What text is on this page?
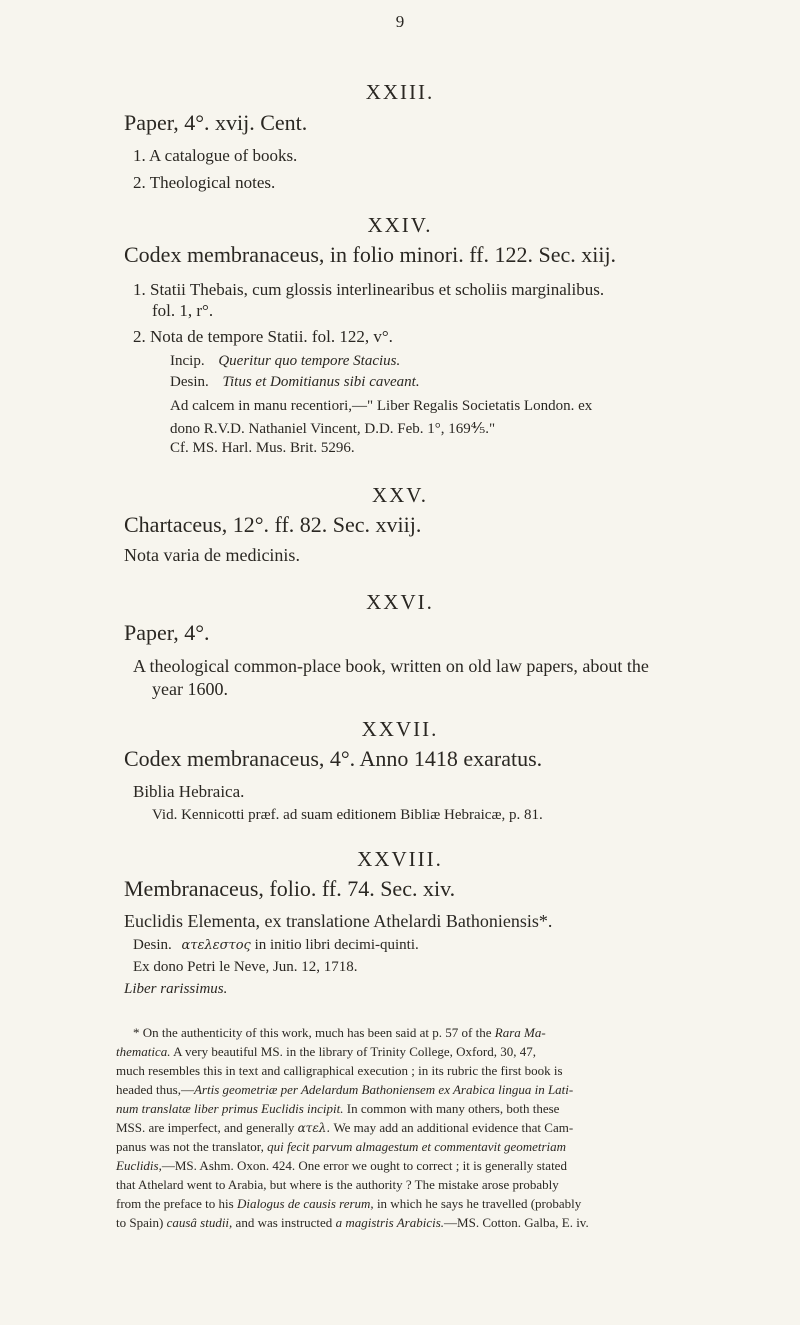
9
XXIII.
Paper, 4°. xvij. Cent.
1. A catalogue of books.
2. Theological notes.
XXIV.
Codex membranaceus, in folio minori. ff. 122. Sec. xiij.
1. Statii Thebais, cum glossis interlinearibus et scholiis marginalibus.
fol. 1, r°.
2. Nota de tempore Statii. fol. 122, v°.
Incip. Queritur quo tempore Stacius.
Desin. Titus et Domitianus sibi caveant.
Ad calcem in manu recentiori,—" Liber Regalis Societatis London. ex
dono R.V.D. Nathaniel Vincent, D.D. Feb. 1°, 169⅘."
Cf. MS. Harl. Mus. Brit. 5296.
XXV.
Chartaceus, 12°. ff. 82. Sec. xviij.
Nota varia de medicinis.
XXVI.
Paper, 4°.
A theological common-place book, written on old law papers, about the
year 1600.
XXVII.
Codex membranaceus, 4°. Anno 1418 exaratus.
Biblia Hebraica.
Vid. Kennicotti præf. ad suam editionem Bibliæ Hebraicæ, p. 81.
XXVIII.
Membranaceus, folio. ff. 74. Sec. xiv.
Euclidis Elementa, ex translatione Athelardi Bathoniensis*.
Desin. ατελεστος in initio libri decimi-quinti.
Ex dono Petri le Neve, Jun. 12, 1718.
Liber rarissimus.
* On the authenticity of this work, much has been said at p. 57 of the Rara Ma-
thematica. A very beautiful MS. in the library of Trinity College, Oxford, 30, 47,
much resembles this in text and calligraphical execution ; in its rubric the first book is
headed thus,—Artis geometriæ per Adelardum Bathoniensem ex Arabica lingua in Lati-
num translatæ liber primus Euclidis incipit. In common with many others, both these
MSS. are imperfect, and generally ατελ. We may add an additional evidence that Cam-
panus was not the translator, qui fecit parvum almagestum et commentavit geometriam
Euclidis,—MS. Ashm. Oxon. 424. One error we ought to correct ; it is generally stated
that Athelard went to Arabia, but where is the authority ? The mistake arose probably
from the preface to his Dialogus de causis rerum, in which he says he travelled (probably
to Spain) causâ studii, and was instructed a magistris Arabicis.—MS. Cotton. Galba, E. iv.
